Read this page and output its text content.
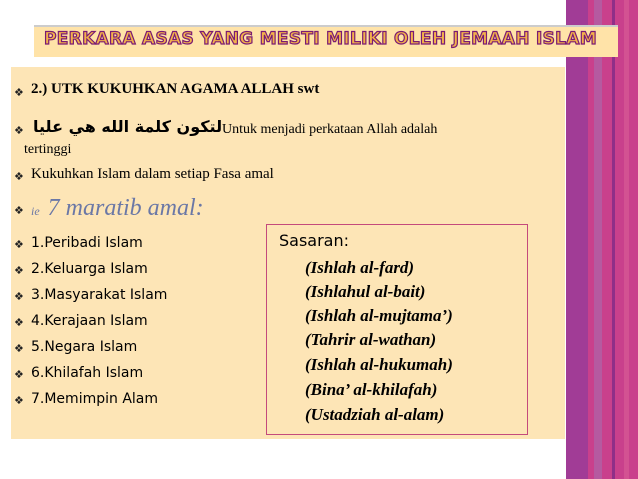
PERKARA ASAS YANG MESTI MILIKI OLEH JEMAAH ISLAM
❖ 2.) UTK KUKUHKAN AGAMA ALLAH swt
❖ لتكون كلمة الله هي عليا Untuk menjadi perkataan Allah adalah
tertinggi
❖ Kukuhkan Islam dalam setiap Fasa amal
❖ ie 7 maratib amal:
❖ 1.Peribadi Islam
❖ 2.Keluarga Islam
❖ 3.Masyarakat Islam
❖ 4.Kerajaan Islam
❖ 5.Negara Islam
❖ 6.Khilafah Islam
❖ 7.Memimpin Alam
Sasaran:
(Ishlah al-fard)
(Ishlahul al-bait)
(Ishlah al-mujtama’)
(Tahrir al-wathan)
(Ishlah al-hukumah)
(Bina’ al-khilafah)
(Ustadziah al-alam)
